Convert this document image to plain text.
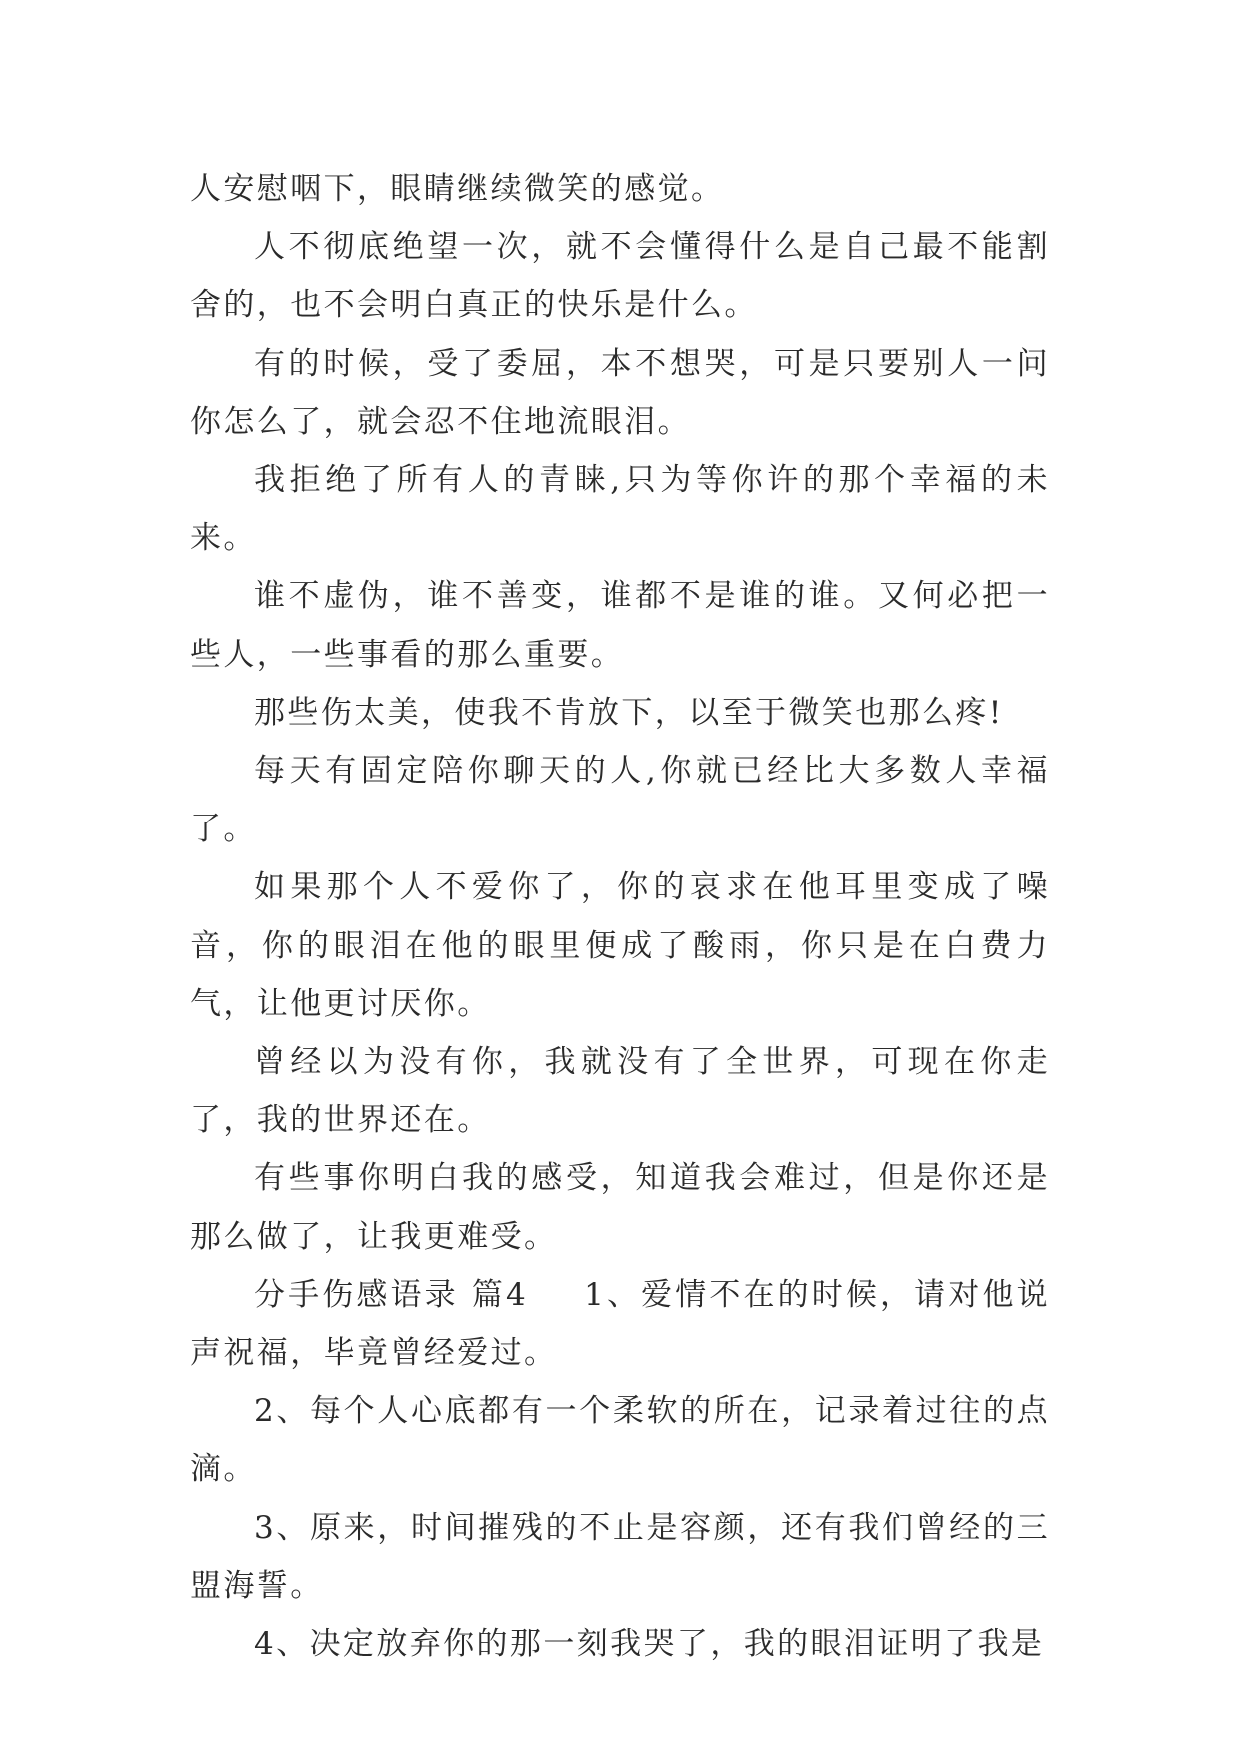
人安慰咽下，眼睛继续微笑的感觉。

人不彻底绝望一次，就不会懂得什么是自己最不能割舍的，也不会明白真正的快乐是什么。

有的时候，受了委屈，本不想哭，可是只要别人一问你怎么了，就会忍不住地流眼泪。

我拒绝了所有人的青睐,只为等你许的那个幸福的未来。

谁不虚伪，谁不善变，谁都不是谁的谁。又何必把一些人，一些事看的那么重要。

那些伤太美，使我不肯放下，以至于微笑也那么疼!

每天有固定陪你聊天的人,你就已经比大多数人幸福了。

如果那个人不爱你了，你的哀求在他耳里变成了噪音，你的眼泪在他的眼里便成了酸雨，你只是在白费力气，让他更讨厌你。

曾经以为没有你，我就没有了全世界，可现在你走了，我的世界还在。

有些事你明白我的感受，知道我会难过，但是你还是那么做了，让我更难受。

分手伤感语录 篇4 1、爱情不在的时候，请对他说声祝福，毕竟曾经爱过。

2、每个人心底都有一个柔软的所在，记录着过往的点滴。

3、原来，时间摧残的不止是容颜，还有我们曾经的三盟海誓。

4、决定放弃你的那一刻我哭了，我的眼泪证明了我是
